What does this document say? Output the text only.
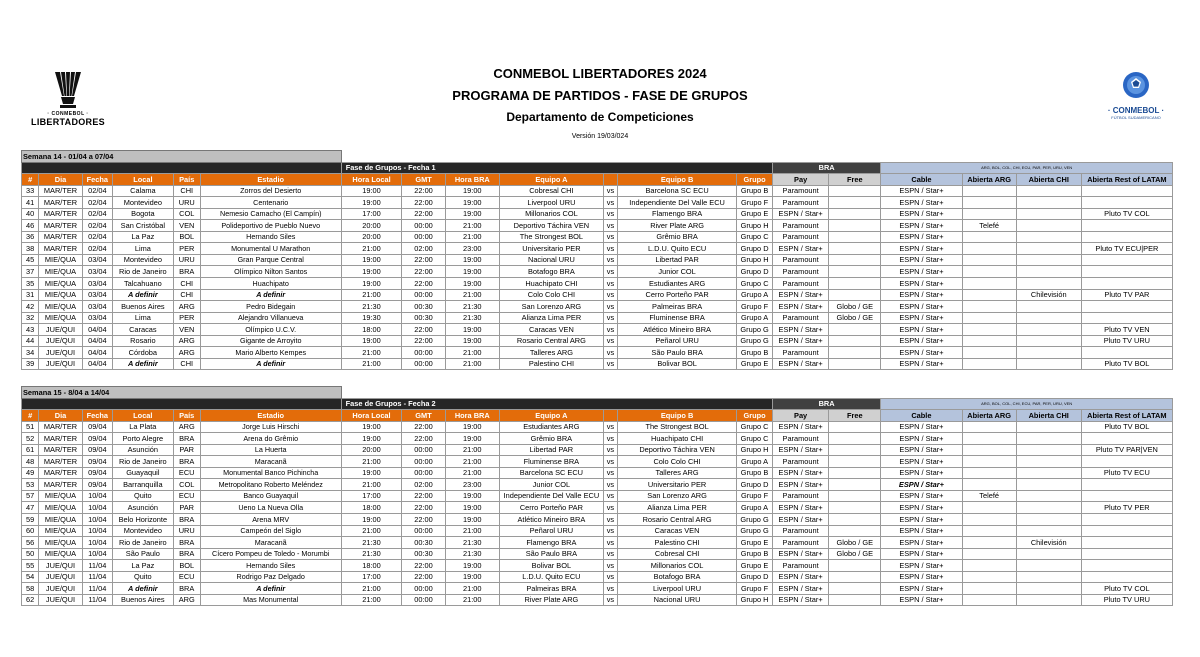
· CONMEBOL ·
LIBERTADORES
· CONMEBOL ·
FÚTBOL SUDAMERICANO
CONMEBOL LIBERTADORES 2024
PROGRAMA DE PARTIDOS - FASE DE GRUPOS
Departamento de Competiciones
Versión 19/03/024
Semana 14 - 01/04 a 07/04																		
						Fase de Grupos - Fecha 1							BRA		ARG, BOL, COL, CHI, ECU, PAR, PER, URU, VEN			
#	Dia	Fecha	Local	País	Estadio	Hora Local	GMT	Hora BRA	Equipo A		Equipo B	Grupo	Pay	Free	Cable	Abierta ARG	Abierta CHI	Abierta Rest of LATAM
33	MAR/TER	02/04	Calama	CHI	Zorros del Desierto	19:00	22:00	19:00	Cobresal CHI	vs	Barcelona SC ECU	Grupo B	Paramount		ESPN / Star+			
41	MAR/TER	02/04	Montevideo	URU	Centenario	19:00	22:00	19:00	Liverpool URU	vs	Independiente Del Valle ECU	Grupo F	Paramount		ESPN / Star+			
40	MAR/TER	02/04	Bogota	COL	Nemesio Camacho (El Campín)	17:00	22:00	19:00	Millonarios COL	vs	Flamengo BRA	Grupo E	ESPN / Star+		ESPN / Star+			Pluto TV COL
46	MAR/TER	02/04	San Cristóbal	VEN	Polideportivo de Pueblo Nuevo	20:00	00:00	21:00	Deportivo Táchira VEN	vs	River Plate ARG	Grupo H	Paramount		ESPN / Star+	Telefé		
36	MAR/TER	02/04	La Paz	BOL	Hernando Siles	20:00	00:00	21:00	The Strongest BOL	vs	Grêmio BRA	Grupo C	Paramount		ESPN / Star+			
38	MAR/TER	02/04	Lima	PER	Monumental U Marathon	21:00	02:00	23:00	Universitario PER	vs	L.D.U. Quito ECU	Grupo D	ESPN / Star+		ESPN / Star+			Pluto TV ECU|PER
45	MIE/QUA	03/04	Montevideo	URU	Gran Parque Central	19:00	22:00	19:00	Nacional URU	vs	Libertad PAR	Grupo H	Paramount		ESPN / Star+			
37	MIE/QUA	03/04	Rio de Janeiro	BRA	Olímpico Nilton Santos	19:00	22:00	19:00	Botafogo BRA	vs	Junior COL	Grupo D	Paramount		ESPN / Star+			
35	MIE/QUA	03/04	Talcahuano	CHI	Huachipato	19:00	22:00	19:00	Huachipato CHI	vs	Estudiantes ARG	Grupo C	Paramount		ESPN / Star+			
31	MIE/QUA	03/04	A definir	CHI	A definir	21:00	00:00	21:00	Colo Colo CHI	vs	Cerro Porteño PAR	Grupo A	ESPN / Star+		ESPN / Star+		Chilevisión	Pluto TV PAR
42	MIE/QUA	03/04	Buenos Aires	ARG	Pedro Bidegain	21:30	00:30	21:30	San Lorenzo ARG	vs	Palmeiras BRA	Grupo F	ESPN / Star+	Globo / GE	ESPN / Star+			
32	MIE/QUA	03/04	Lima	PER	Alejandro Villanueva	19:30	00:30	21:30	Alianza Lima PER	vs	Fluminense BRA	Grupo A	Paramount	Globo / GE	ESPN / Star+			
43	JUE/QUI	04/04	Caracas	VEN	Olímpico U.C.V.	18:00	22:00	19:00	Caracas VEN	vs	Atlético Mineiro BRA	Grupo G	ESPN / Star+		ESPN / Star+			Pluto TV VEN
44	JUE/QUI	04/04	Rosario	ARG	Gigante de Arroyito	19:00	22:00	19:00	Rosario Central ARG	vs	Peñarol URU	Grupo G	ESPN / Star+		ESPN / Star+			Pluto TV URU
34	JUE/QUI	04/04	Córdoba	ARG	Mario Alberto Kempes	21:00	00:00	21:00	Talleres ARG	vs	São Paulo BRA	Grupo B	Paramount		ESPN / Star+			
39	JUE/QUI	04/04	A definir	CHI	A definir	21:00	00:00	21:00	Palestino CHI	vs	Bolivar BOL	Grupo E	ESPN / Star+		ESPN / Star+			Pluto TV BOL
Semana 15 - 8/04 a 14/04																		
						Fase de Grupos - Fecha 2							BRA		ARG, BOL, COL, CHI, ECU, PAR, PER, URU, VEN			
#	Dia	Fecha	Local	País	Estadio	Hora Local	GMT	Hora BRA	Equipo A		Equipo B	Grupo	Pay	Free	Cable	Abierta ARG	Abierta CHI	Abierta Rest of LATAM
51	MAR/TER	09/04	La Plata	ARG	Jorge Luis Hirschi	19:00	22:00	19:00	Estudiantes ARG	vs	The Strongest BOL	Grupo C	ESPN / Star+		ESPN / Star+			Pluto TV BOL
52	MAR/TER	09/04	Porto Alegre	BRA	Arena do Grêmio	19:00	22:00	19:00	Grêmio BRA	vs	Huachipato CHI	Grupo C	Paramount		ESPN / Star+			
61	MAR/TER	09/04	Asunción	PAR	La Huerta	20:00	00:00	21:00	Libertad PAR	vs	Deportivo Táchira VEN	Grupo H	ESPN / Star+		ESPN / Star+			Pluto TV PAR|VEN
48	MAR/TER	09/04	Rio de Janeiro	BRA	Maracanã	21:00	00:00	21:00	Fluminense BRA	vs	Colo Colo CHI	Grupo A	Paramount		ESPN / Star+			
49	MAR/TER	09/04	Guayaquil	ECU	Monumental Banco Pichincha	19:00	00:00	21:00	Barcelona SC ECU	vs	Talleres ARG	Grupo B	ESPN / Star+		ESPN / Star+			Pluto TV ECU
53	MAR/TER	09/04	Barranquilla	COL	Metropolitano Roberto Meléndez	21:00	02:00	23:00	Junior COL	vs	Universitario PER	Grupo D	ESPN / Star+		ESPN / Star+			
57	MIE/QUA	10/04	Quito	ECU	Banco Guayaquil	17:00	22:00	19:00	Independiente Del Valle ECU	vs	San Lorenzo ARG	Grupo F	Paramount		ESPN / Star+	Telefé		
47	MIE/QUA	10/04	Asunción	PAR	Ueno La Nueva Olla	18:00	22:00	19:00	Cerro Porteño PAR	vs	Alianza Lima PER	Grupo A	ESPN / Star+		ESPN / Star+			Pluto TV PER
59	MIE/QUA	10/04	Belo Horizonte	BRA	Arena MRV	19:00	22:00	19:00	Atlético Mineiro BRA	vs	Rosario Central ARG	Grupo G	ESPN / Star+		ESPN / Star+			
60	MIE/QUA	10/04	Montevideo	URU	Campeón del Siglo	21:00	00:00	21:00	Peñarol URU	vs	Caracas VEN	Grupo G	Paramount		ESPN / Star+			
56	MIE/QUA	10/04	Rio de Janeiro	BRA	Maracanã	21:30	00:30	21:30	Flamengo BRA	vs	Palestino CHI	Grupo E	Paramount	Globo / GE	ESPN / Star+		Chilevisión	
50	MIE/QUA	10/04	São Paulo	BRA	Cícero Pompeu de Toledo - Morumbi	21:30	00:30	21:30	São Paulo BRA	vs	Cobresal CHI	Grupo B	ESPN / Star+	Globo / GE	ESPN / Star+			
55	JUE/QUI	11/04	La Paz	BOL	Hernando Siles	18:00	22:00	19:00	Bolivar BOL	vs	Millonarios COL	Grupo E	Paramount		ESPN / Star+			
54	JUE/QUI	11/04	Quito	ECU	Rodrigo Paz Delgado	17:00	22:00	19:00	L.D.U. Quito ECU	vs	Botafogo BRA	Grupo D	ESPN / Star+		ESPN / Star+			
58	JUE/QUI	11/04	A definir	BRA	A definir	21:00	00:00	21:00	Palmeiras BRA	vs	Liverpool URU	Grupo F	ESPN / Star+		ESPN / Star+			Pluto TV COL
62	JUE/QUI	11/04	Buenos Aires	ARG	Mas Monumental	21:00	00:00	21:00	River Plate ARG	vs	Nacional URU	Grupo H	ESPN / Star+		ESPN / Star+			Pluto TV URU
